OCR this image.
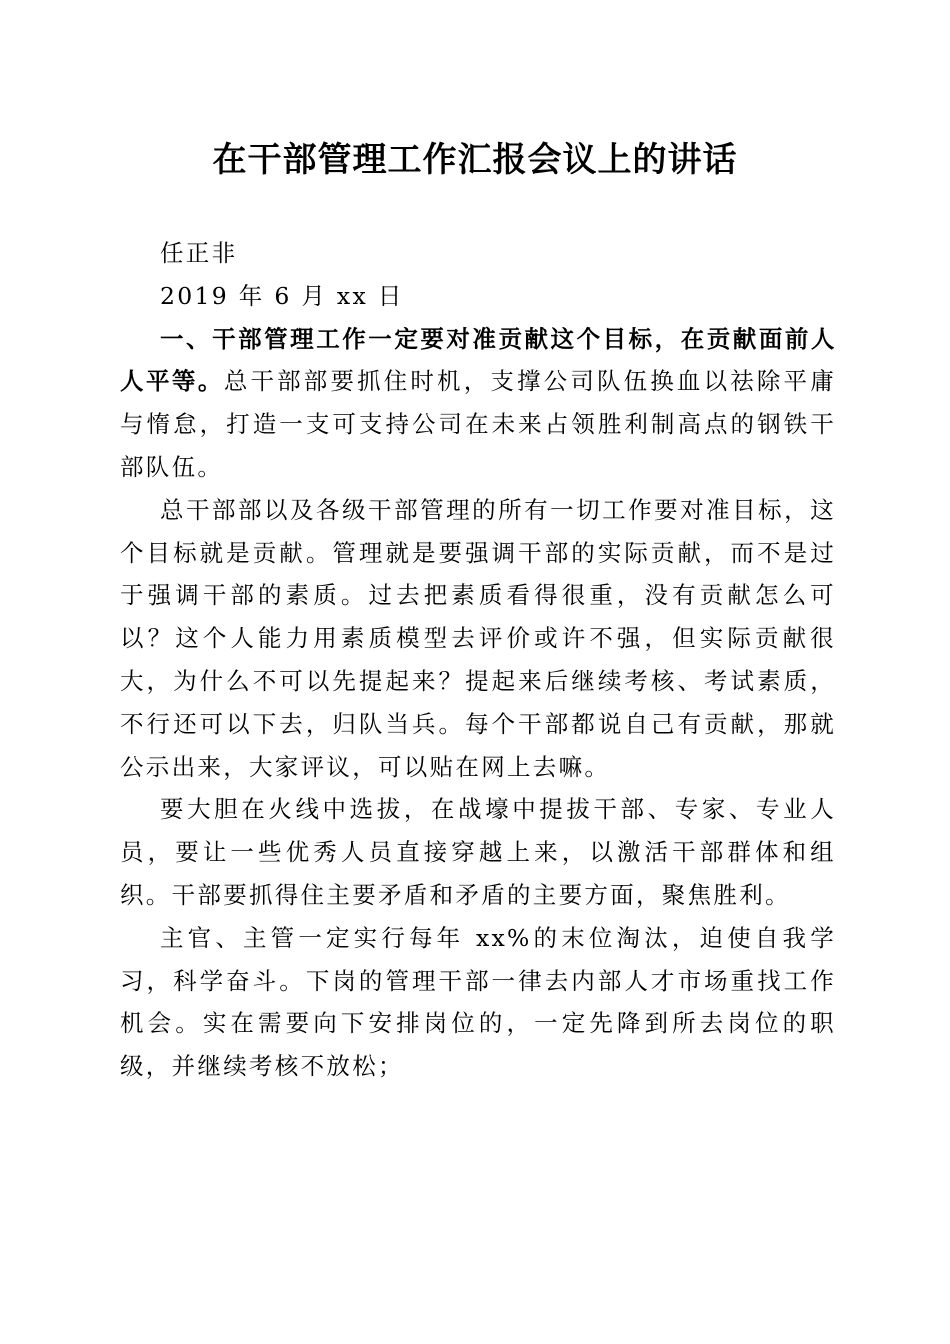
在干部管理工作汇报会议上的讲话

任正非

2019 年 6 月 xx 日

一、干部管理工作一定要对准贡献这个目标，在贡献面前人人平等。总干部部要抓住时机，支撑公司队伍换血以祛除平庸与惰怠，打造一支可支持公司在未来占领胜利制高点的钢铁干部队伍。

总干部部以及各级干部管理的所有一切工作要对准目标，这个目标就是贡献。管理就是要强调干部的实际贡献，而不是过于强调干部的素质。过去把素质看得很重，没有贡献怎么可以？这个人能力用素质模型去评价或许不强，但实际贡献很大，为什么不可以先提起来？提起来后继续考核、考试素质，不行还可以下去，归队当兵。每个干部都说自己有贡献，那就公示出来，大家评议，可以贴在网上去嘛。

要大胆在火线中选拔，在战壕中提拔干部、专家、专业人员，要让一些优秀人员直接穿越上来，以激活干部群体和组织。干部要抓得住主要矛盾和矛盾的主要方面，聚焦胜利。

主官、主管一定实行每年 xx%的末位淘汰，迫使自我学习，科学奋斗。下岗的管理干部一律去内部人才市场重找工作机会。实在需要向下安排岗位的，一定先降到所去岗位的职级，并继续考核不放松；
